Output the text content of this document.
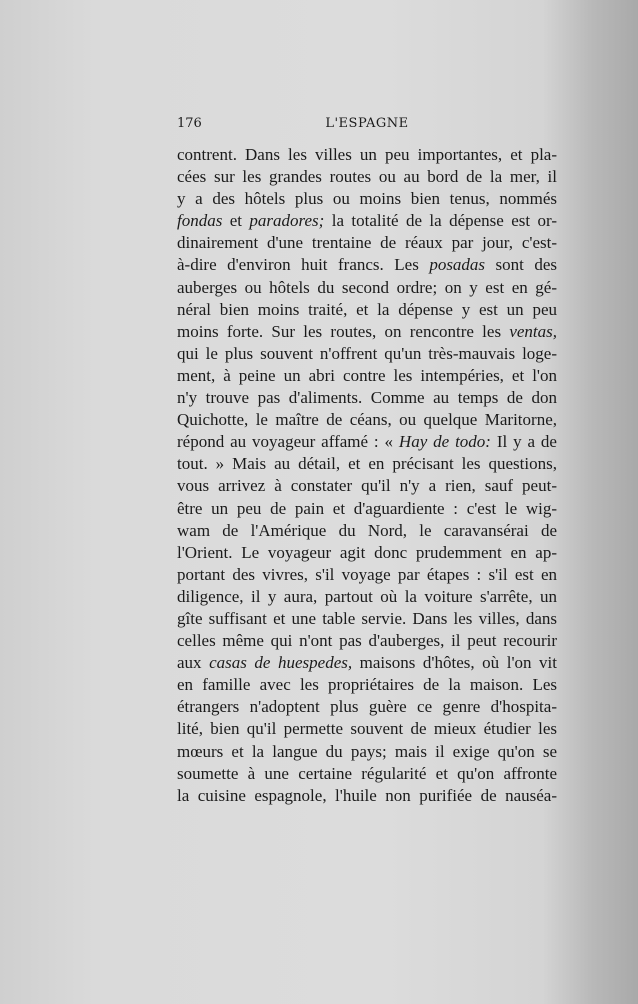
176	L'ESPAGNE
contrent. Dans les villes un peu importantes, et pla-
cées sur les grandes routes ou au bord de la mer, il
y a des hôtels plus ou moins bien tenus, nommés
fondas et paradores; la totalité de la dépense est or-
dinairement d'une trentaine de réaux par jour, c'est-
à-dire d'environ huit francs. Les posadas sont des
auberges ou hôtels du second ordre; on y est en gé-
néral bien moins traité, et la dépense y est un peu
moins forte. Sur les routes, on rencontre les ventas,
qui le plus souvent n'offrent qu'un très-mauvais loge-
ment, à peine un abri contre les intempéries, et l'on
n'y trouve pas d'aliments. Comme au temps de don
Quichotte, le maître de céans, ou quelque Maritorne,
répond au voyageur affamé : « Hay de todo: Il y a de
tout. » Mais au détail, et en précisant les questions,
vous arrivez à constater qu'il n'y a rien, sauf peut-
être un peu de pain et d'aguardiente : c'est le wig-
wam de l'Amérique du Nord, le caravansérai de
l'Orient. Le voyageur agit donc prudemment en ap-
portant des vivres, s'il voyage par étapes : s'il est en
diligence, il y aura, partout où la voiture s'arrête, un
gîte suffisant et une table servie. Dans les villes, dans
celles même qui n'ont pas d'auberges, il peut recourir
aux casas de huespedes, maisons d'hôtes, où l'on vit
en famille avec les propriétaires de la maison. Les
étrangers n'adoptent plus guère ce genre d'hospita-
lité, bien qu'il permette souvent de mieux étudier les
mœurs et la langue du pays; mais il exige qu'on se
soumette à une certaine régularité et qu'on affronte
la cuisine espagnole, l'huile non purifiée de nauséa-
